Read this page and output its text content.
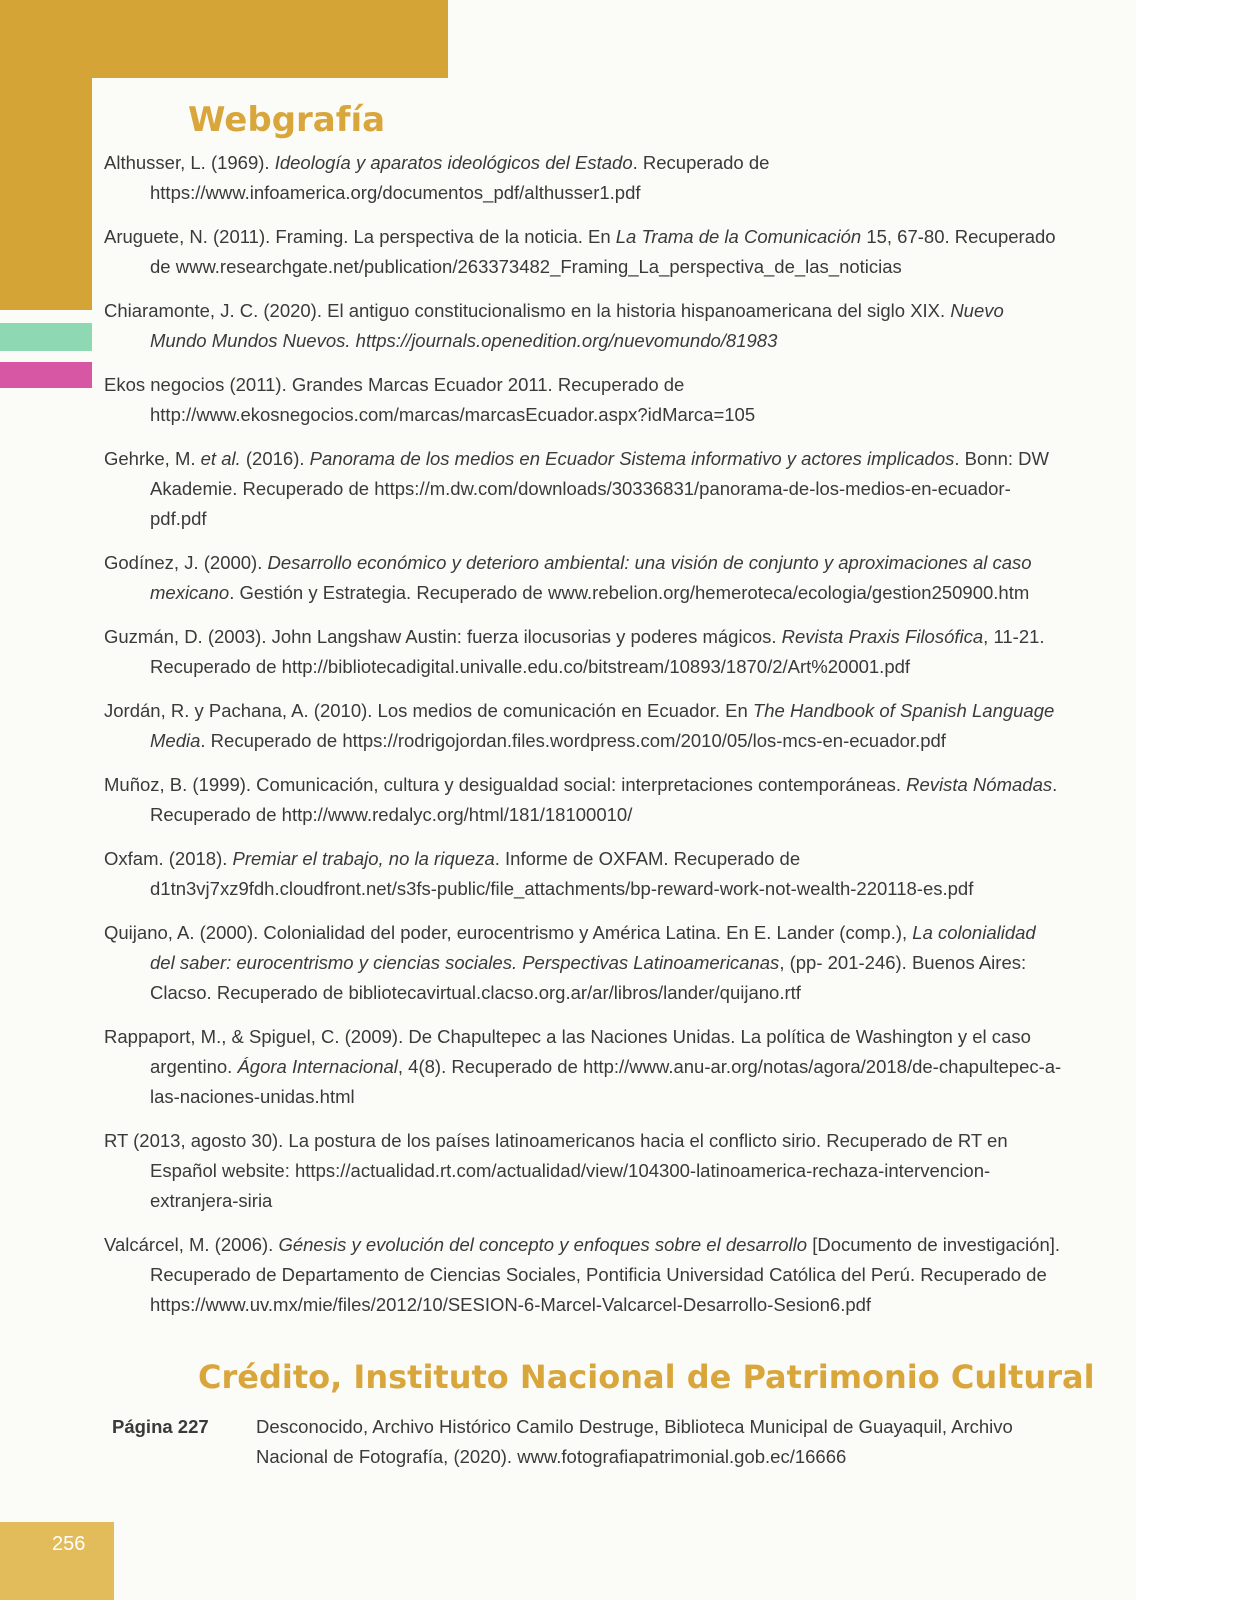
Webgrafía

Althusser, L. (1969). Ideología y aparatos ideológicos del Estado. Recuperado de https://www.infoamerica.org/documentos_pdf/althusser1.pdf

Aruguete, N. (2011). Framing. La perspectiva de la noticia. En La Trama de la Comunicación 15, 67-80. Recuperado de www.researchgate.net/publication/263373482_Framing_La_perspectiva_de_las_noticias

Chiaramonte, J. C. (2020). El antiguo constitucionalismo en la historia hispanoamericana del siglo XIX. Nuevo Mundo Mundos Nuevos. https://journals.openedition.org/nuevomundo/81983

Ekos negocios (2011). Grandes Marcas Ecuador 2011. Recuperado de http://www.ekosnegocios.com/marcas/marcasEcuador.aspx?idMarca=105

Gehrke, M. et al. (2016). Panorama de los medios en Ecuador Sistema informativo y actores implicados. Bonn: DW Akademie. Recuperado de https://m.dw.com/downloads/30336831/panorama-de-los-medios-en-ecuador-pdf.pdf

Godínez, J. (2000). Desarrollo económico y deterioro ambiental: una visión de conjunto y aproximaciones al caso mexicano. Gestión y Estrategia. Recuperado de www.rebelion.org/hemeroteca/ecologia/gestion250900.htm

Guzmán, D. (2003). John Langshaw Austin: fuerza ilocusorias y poderes mágicos. Revista Praxis Filosófica, 11-21. Recuperado de http://bibliotecadigital.univalle.edu.co/bitstream/10893/1870/2/Art%20001.pdf

Jordán, R. y Pachana, A. (2010). Los medios de comunicación en Ecuador. En The Handbook of Spanish Language Media. Recuperado de https://rodrigojordan.files.wordpress.com/2010/05/los-mcs-en-ecuador.pdf

Muñoz, B. (1999). Comunicación, cultura y desigualdad social: interpretaciones contemporáneas. Revista Nómadas. Recuperado de http://www.redalyc.org/html/181/18100010/

Oxfam. (2018). Premiar el trabajo, no la riqueza. Informe de OXFAM. Recuperado de d1tn3vj7xz9fdh.cloudfront.net/s3fs-public/file_attachments/bp-reward-work-not-wealth-220118-es.pdf

Quijano, A. (2000). Colonialidad del poder, eurocentrismo y América Latina. En E. Lander (comp.), La colonialidad del saber: eurocentrismo y ciencias sociales. Perspectivas Latinoamericanas, (pp- 201-246). Buenos Aires: Clacso. Recuperado de bibliotecavirtual.clacso.org.ar/ar/libros/lander/quijano.rtf

Rappaport, M., & Spiguel, C. (2009). De Chapultepec a las Naciones Unidas. La política de Washington y el caso argentino. Ágora Internacional, 4(8). Recuperado de http://www.anu-ar.org/notas/agora/2018/de-chapultepec-a-las-naciones-unidas.html

RT (2013, agosto 30). La postura de los países latinoamericanos hacia el conflicto sirio. Recuperado de RT en Español website: https://actualidad.rt.com/actualidad/view/104300-latinoamerica-rechaza-intervencion-extranjera-siria

Valcárcel, M. (2006). Génesis y evolución del concepto y enfoques sobre el desarrollo [Documento de investigación]. Recuperado de Departamento de Ciencias Sociales, Pontificia Universidad Católica del Perú. Recuperado de https://www.uv.mx/mie/files/2012/10/SESION-6-Marcel-Valcarcel-Desarrollo-Sesion6.pdf

Crédito, Instituto Nacional de Patrimonio Cultural
Página 227	Desconocido, Archivo Histórico Camilo Destruge, Biblioteca Municipal de Guayaquil, Archivo Nacional de Fotografía, (2020). www.fotografiapatrimonial.gob.ec/16666
256
